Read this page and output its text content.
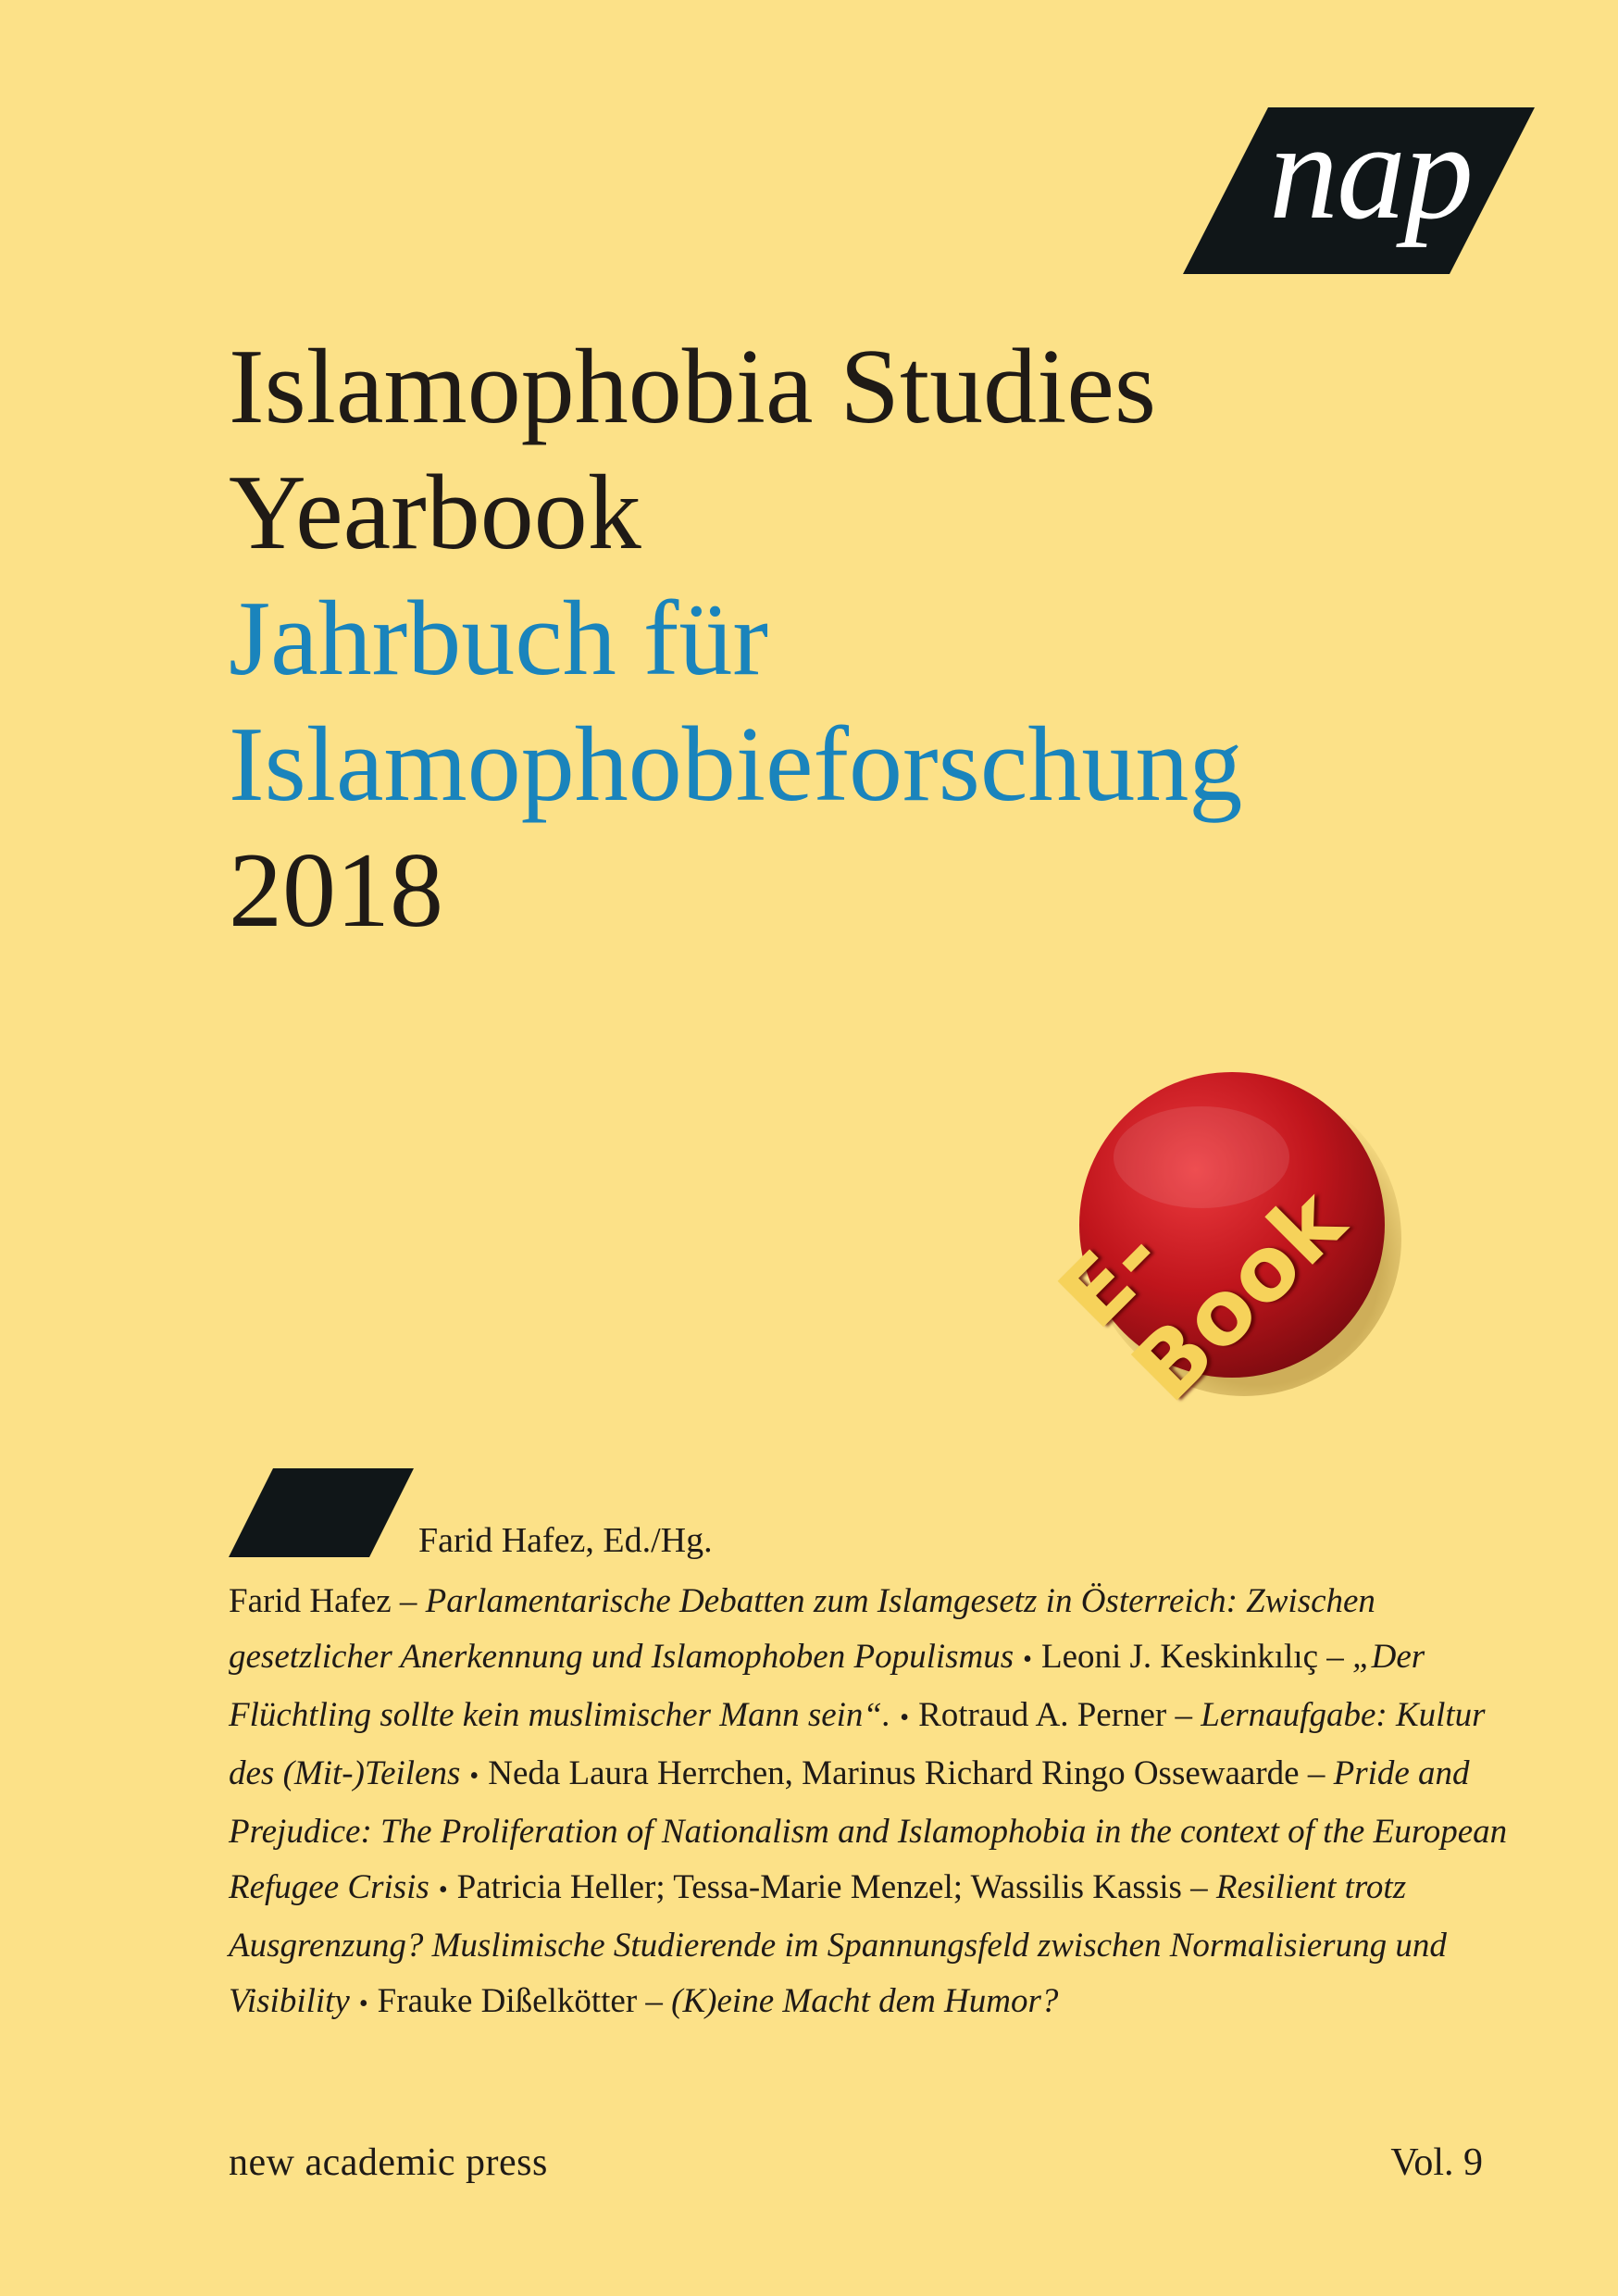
nap
Islamophobia Studies
Yearbook
Jahrbuch für
Islamophobieforschung
2018
E-Book
Farid Hafez, Ed./Hg.
Farid Hafez – Parlamentarische Debatten zum Islamgesetz in Österreich: Zwischen gesetzlicher Anerkennung und Islamophoben Populismus • Leoni J. Keskinkılıç – „Der Flüchtling sollte kein muslimischer Mann sein“. • Rotraud A. Perner – Lernaufgabe: Kultur des (Mit-)Teilens • Neda Laura Herrchen, Marinus Richard Ringo Ossewaarde – Pride and Prejudice: The Proliferation of Nationalism and Islamophobia in the context of the European Refugee Crisis • Patricia Heller; Tessa-Marie Menzel; Wassilis Kassis – Resilient trotz Ausgrenzung? Muslimische Studierende im Spannungsfeld zwischen Normalisierung und Visibility • Frauke Dißelkötter – (K)eine Macht dem Humor?
new academic press	Vol. 9
